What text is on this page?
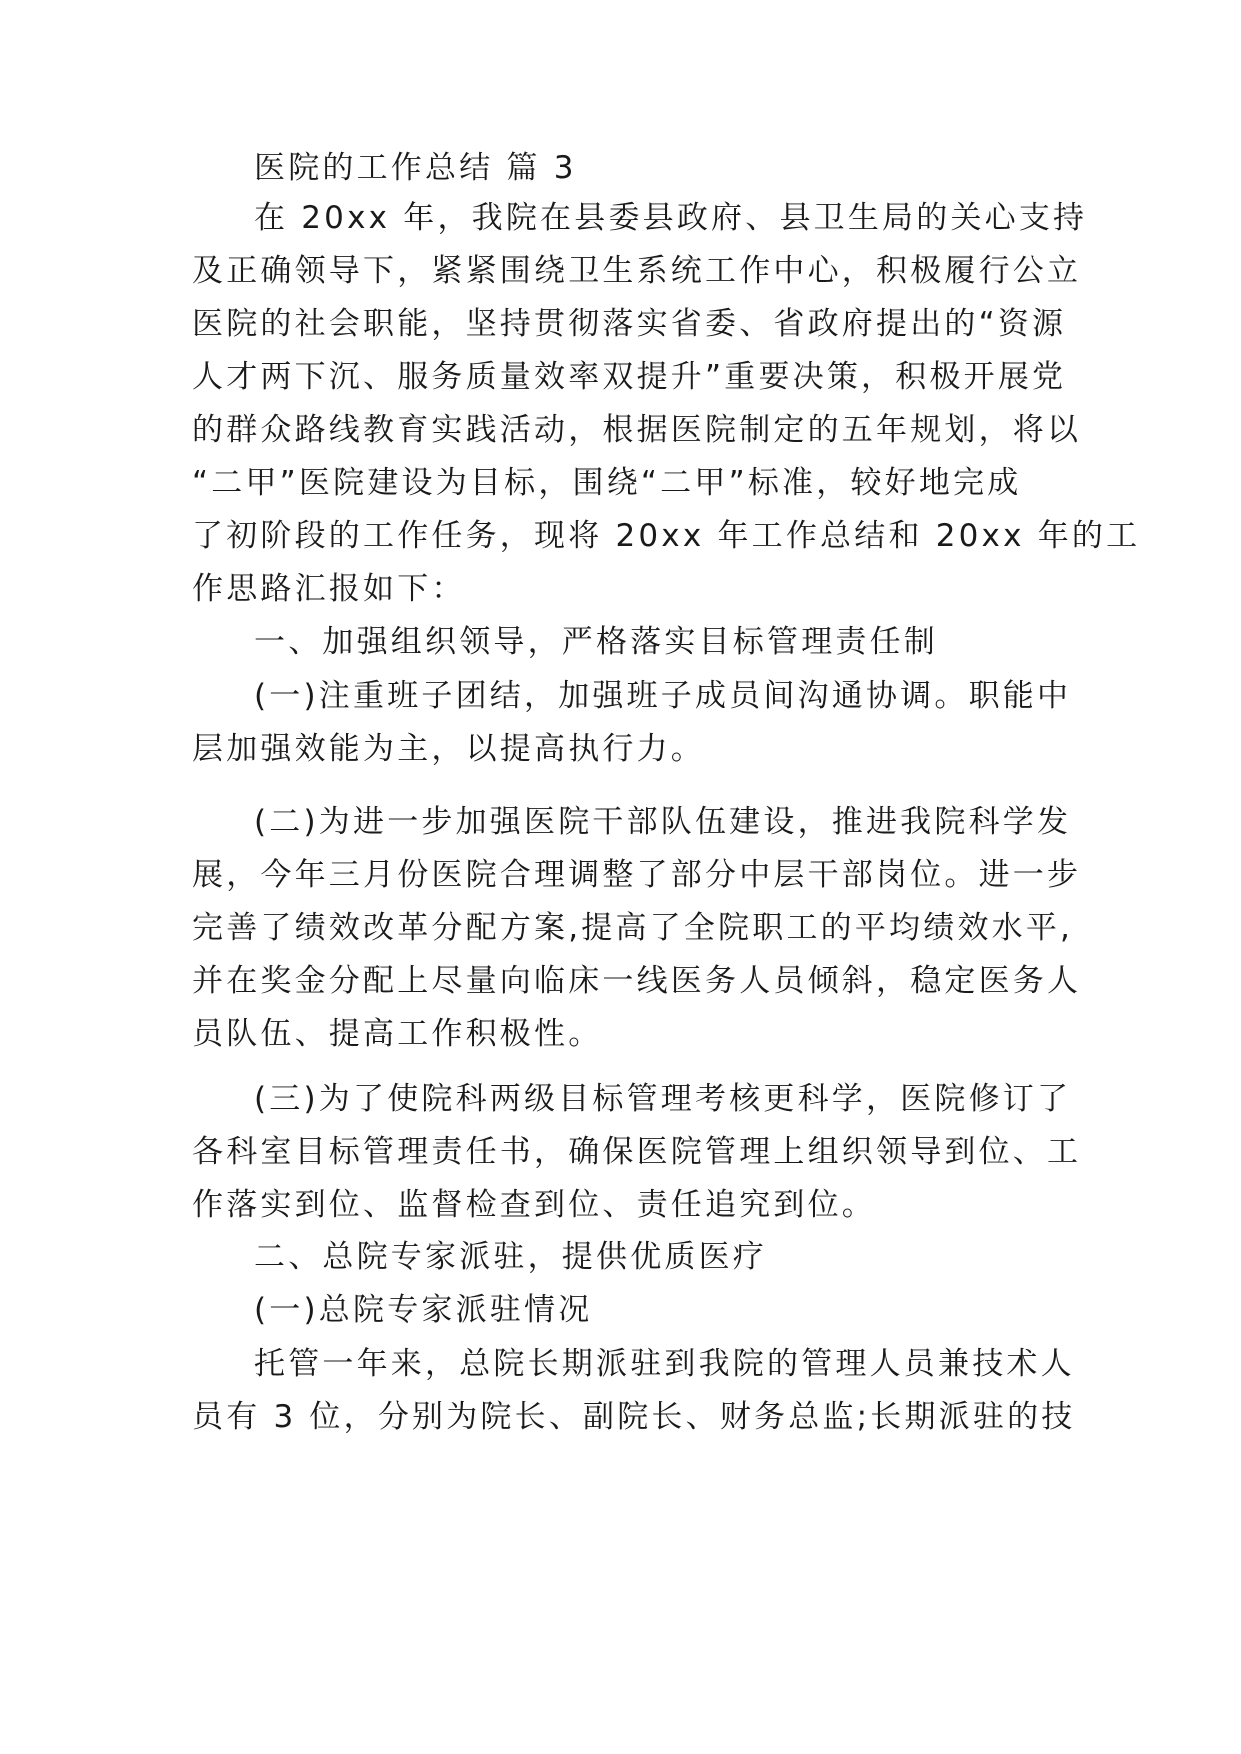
医院的工作总结 篇 3
在 20xx 年，我院在县委县政府、县卫生局的关心支持
及正确领导下，紧紧围绕卫生系统工作中心，积极履行公立
医院的社会职能，坚持贯彻落实省委、省政府提出的“资源
人才两下沉、服务质量效率双提升”重要决策，积极开展党
的群众路线教育实践活动，根据医院制定的五年规划，将以
“二甲”医院建设为目标，围绕“二甲”标准，较好地完成
了初阶段的工作任务，现将 20xx 年工作总结和 20xx 年的工
作思路汇报如下：
一、加强组织领导，严格落实目标管理责任制
(一)注重班子团结，加强班子成员间沟通协调。职能中
层加强效能为主，以提高执行力。
(二)为进一步加强医院干部队伍建设，推进我院科学发
展，今年三月份医院合理调整了部分中层干部岗位。进一步
完善了绩效改革分配方案,提高了全院职工的平均绩效水平,
并在奖金分配上尽量向临床一线医务人员倾斜，稳定医务人
员队伍、提高工作积极性。
(三)为了使院科两级目标管理考核更科学，医院修订了
各科室目标管理责任书，确保医院管理上组织领导到位、工
作落实到位、监督检查到位、责任追究到位。
二、总院专家派驻，提供优质医疗
(一)总院专家派驻情况
托管一年来，总院长期派驻到我院的管理人员兼技术人
员有 3 位，分别为院长、副院长、财务总监;长期派驻的技
